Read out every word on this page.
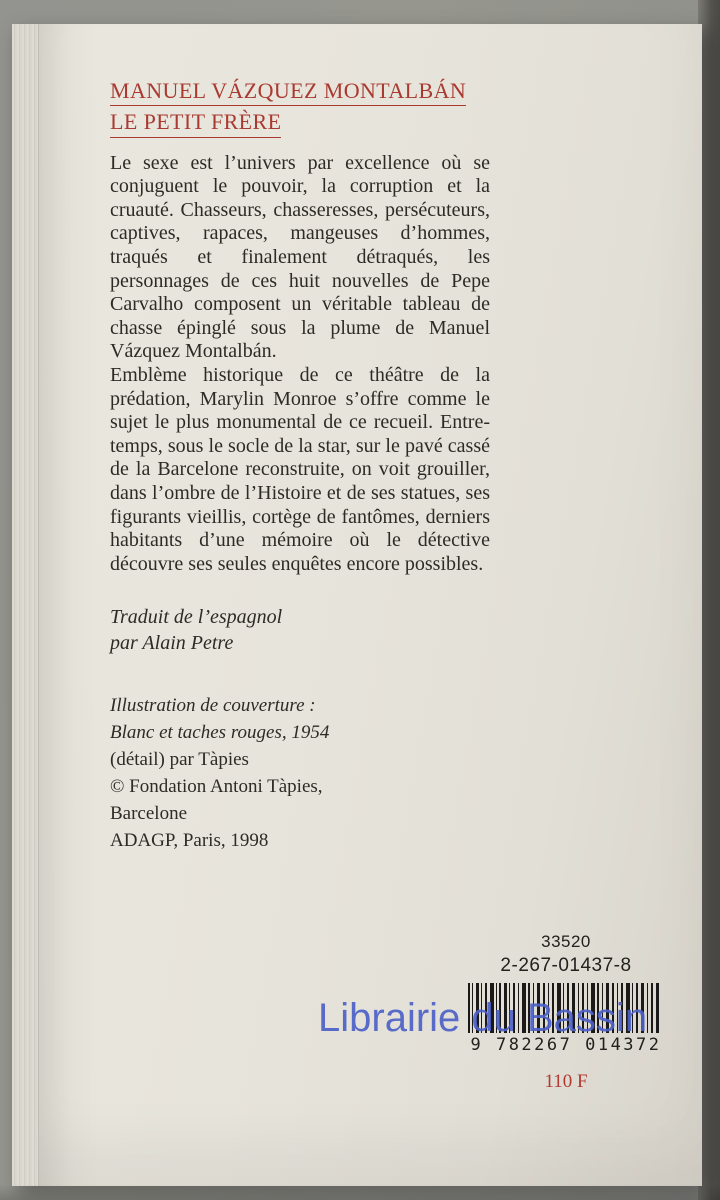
MANUEL VÁZQUEZ MONTALBÁN
LE PETIT FRÈRE

Le sexe est l’univers par excellence où se conjuguent le pouvoir, la corruption et la cruauté. Chasseurs, chasseresses, persécuteurs, captives, rapaces, mangeuses d’hommes, traqués et finalement détraqués, les personnages de ces huit nouvelles de Pepe Carvalho composent un véritable tableau de chasse épinglé sous la plume de Manuel Vázquez Montalbán.

Emblème historique de ce théâtre de la prédation, Marylin Monroe s’offre comme le sujet le plus monumental de ce recueil. Entre-temps, sous le socle de la star, sur le pavé cassé de la Barcelone reconstruite, on voit grouiller, dans l’ombre de l’Histoire et de ses statues, ses figurants vieillis, cortège de fantômes, derniers habitants d’une mémoire où le détective découvre ses seules enquêtes encore possibles.

Traduit de l’espagnol
par Alain Petre
Illustration de couverture :
Blanc et taches rouges, 1954
(détail) par Tàpies
© Fondation Antoni Tàpies,
Barcelone
ADAGP, Paris, 1998
33520
2-267-01437-8
9 782267 014372
110 F
Librairie du Bassin
